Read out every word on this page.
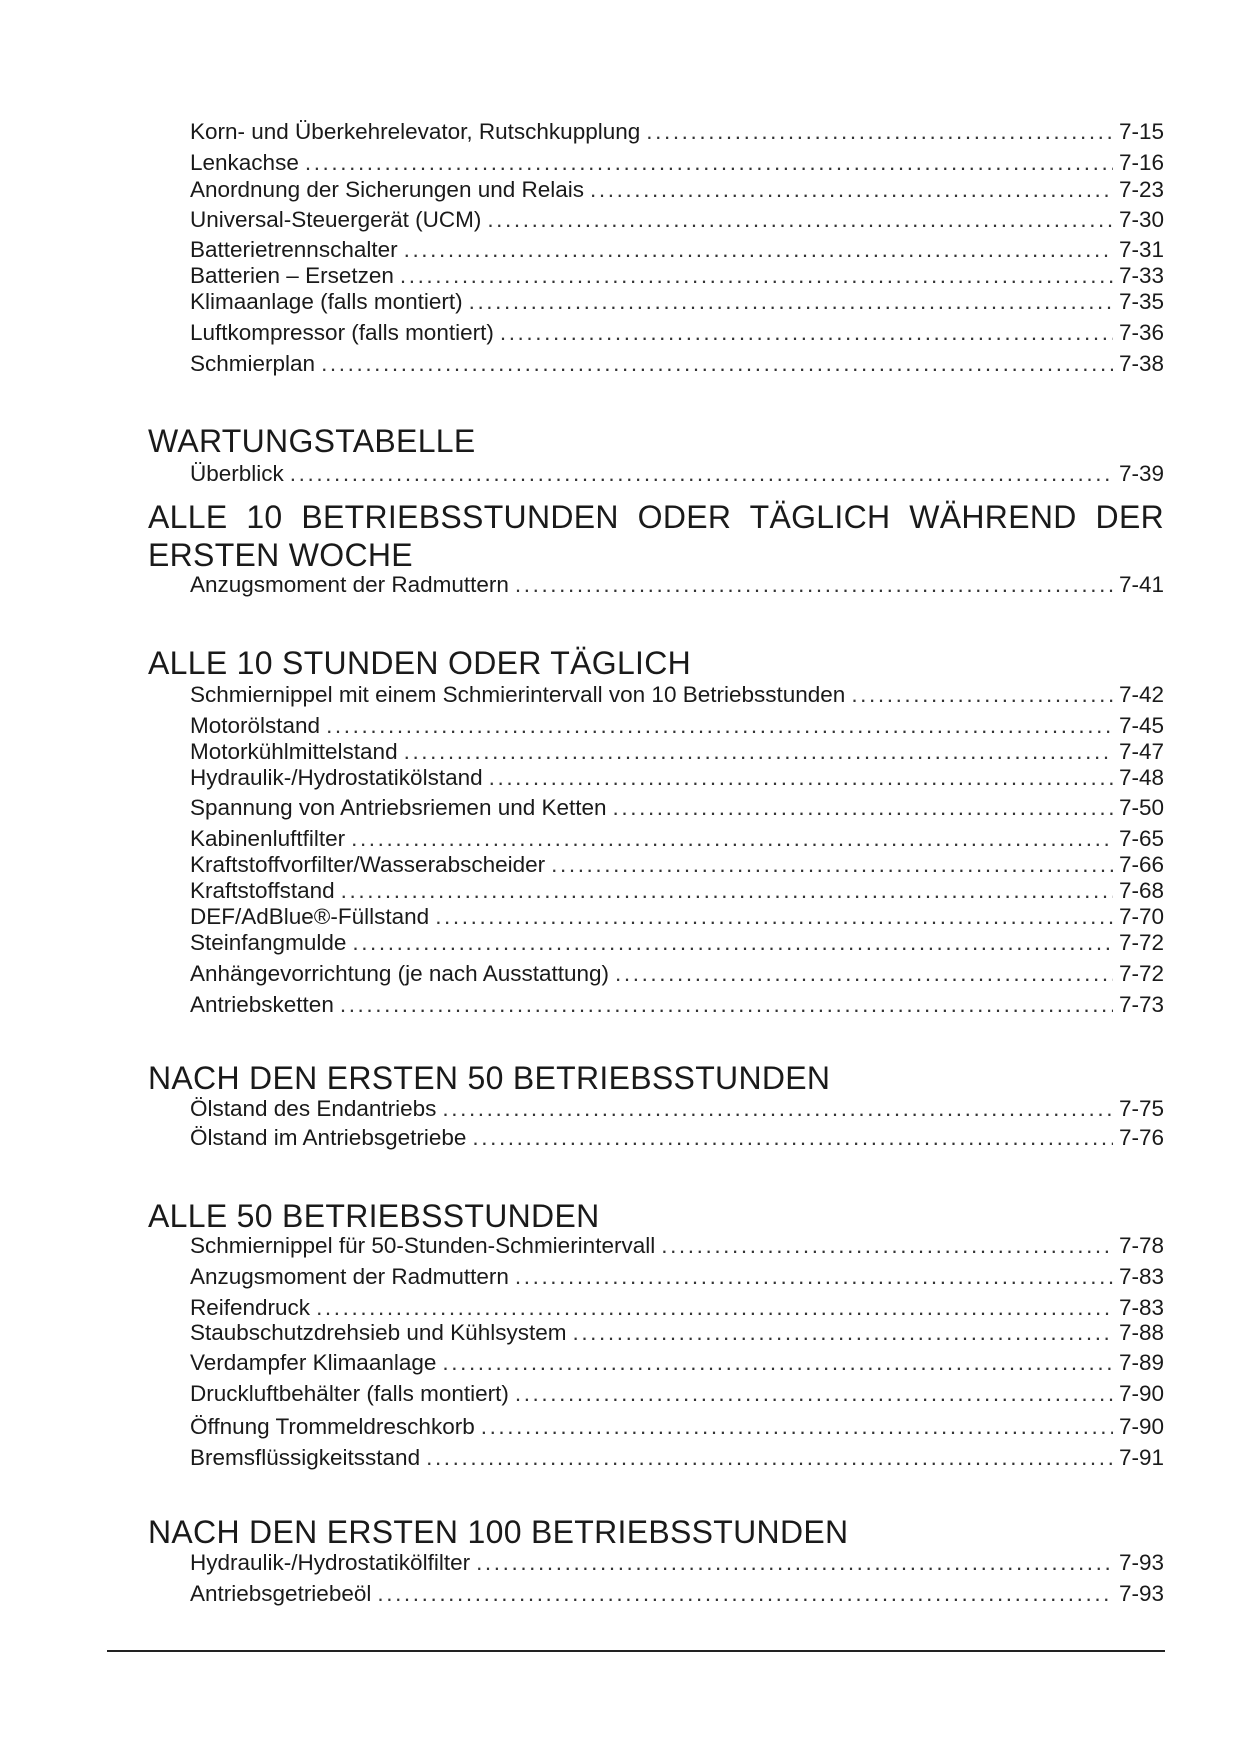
Korn- und Überkehrelevator, Rutschkupplung .....	7-15
Lenkachse .....	7-16
Anordnung der Sicherungen und Relais .....	7-23
Universal-Steuergerät (UCM) .....	7-30
Batterietrennschalter .....	7-31
Batterien – Ersetzen .....	7-33
Klimaanlage (falls montiert) .....	7-35
Luftkompressor (falls montiert) .....	7-36
Schmierplan .....	7-38
WARTUNGSTABELLE
Überblick .....	7-39
ALLE 10 BETRIEBSSTUNDEN ODER TÄGLICH WÄHREND DER
ERSTEN WOCHE
Anzugsmoment der Radmuttern .....	7-41
ALLE 10 STUNDEN ODER TÄGLICH
Schmiernippel mit einem Schmierintervall von 10 Betriebsstunden .....	7-42
Motorölstand .....	7-45
Motorkühlmittelstand .....	7-47
Hydraulik-/Hydrostatikölstand .....	7-48
Spannung von Antriebsriemen und Ketten .....	7-50
Kabinenluftfilter .....	7-65
Kraftstoffvorfilter/Wasserabscheider .....	7-66
Kraftstoffstand .....	7-68
DEF/AdBlue®-Füllstand .....	7-70
Steinfangmulde .....	7-72
Anhängevorrichtung (je nach Ausstattung) .....	7-72
Antriebsketten .....	7-73
NACH DEN ERSTEN 50 BETRIEBSSTUNDEN
Ölstand des Endantriebs .....	7-75
Ölstand im Antriebsgetriebe .....	7-76
ALLE 50 BETRIEBSSTUNDEN
Schmiernippel für 50-Stunden-Schmierintervall .....	7-78
Anzugsmoment der Radmuttern .....	7-83
Reifendruck .....	7-83
Staubschutzdrehsieb und Kühlsystem .....	7-88
Verdampfer Klimaanlage .....	7-89
Druckluftbehälter (falls montiert) .....	7-90
Öffnung Trommeldreschkorb .....	7-90
Bremsflüssigkeitsstand .....	7-91
NACH DEN ERSTEN 100 BETRIEBSSTUNDEN
Hydraulik-/Hydrostatikölfilter .....	7-93
Antriebsgetriebeöl .....	7-93
